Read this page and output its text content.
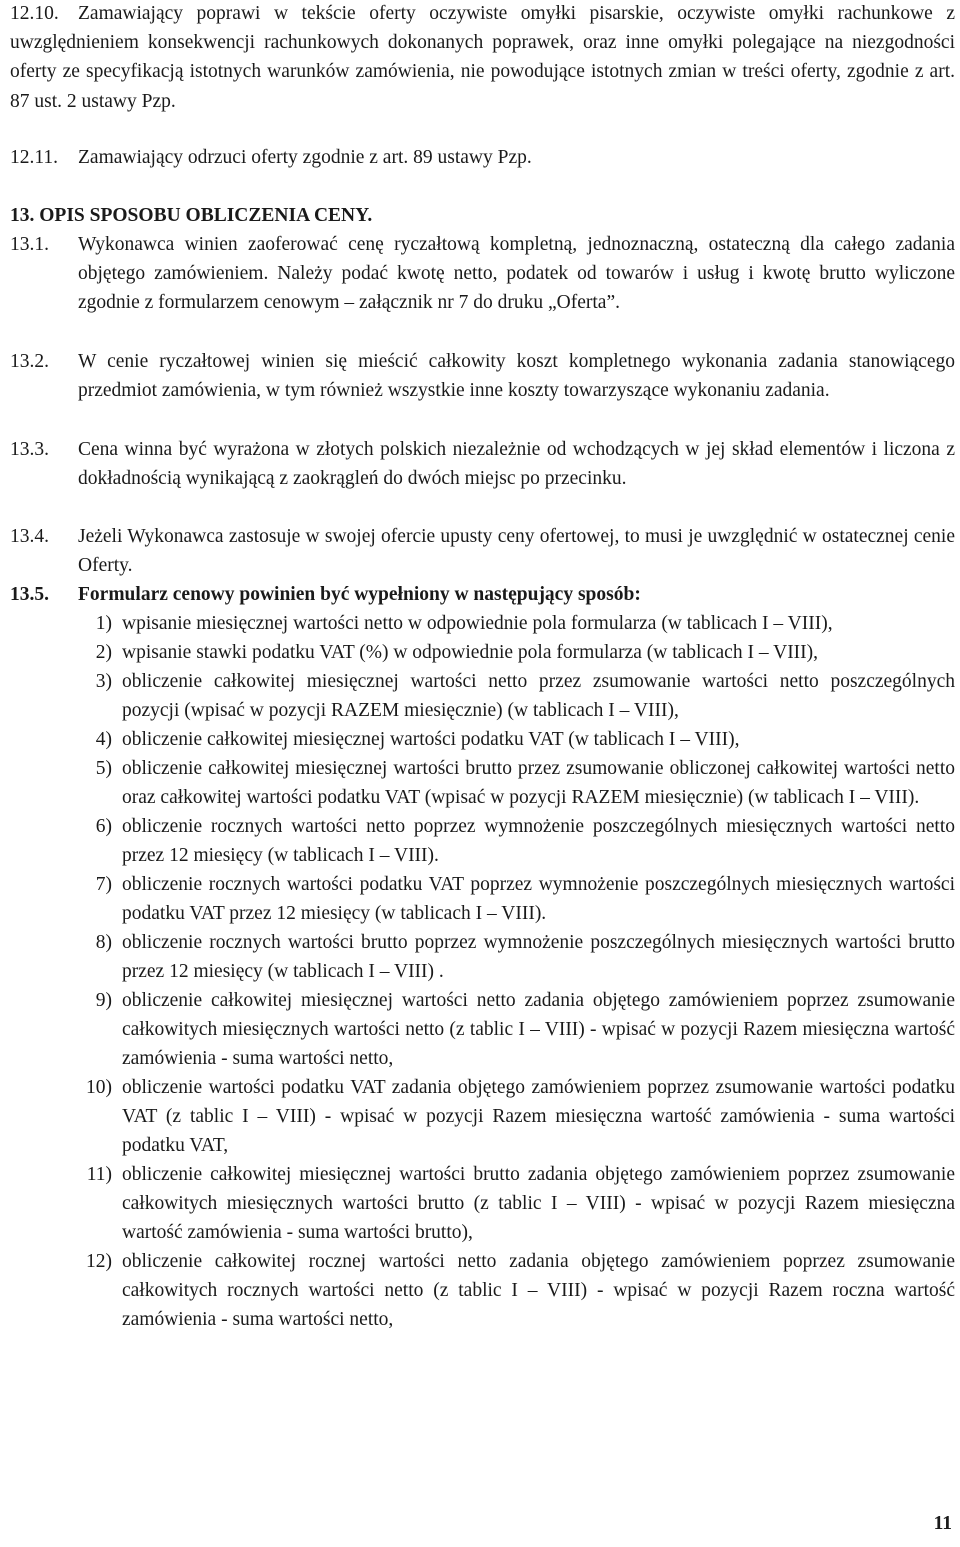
12.10. Zamawiający poprawi w tekście oferty oczywiste omyłki pisarskie, oczywiste omyłki rachunkowe z uwzględnieniem konsekwencji rachunkowych dokonanych poprawek, oraz inne omyłki polegające na niezgodności oferty ze specyfikacją istotnych warunków zamówienia, nie powodujące istotnych zmian w treści oferty, zgodnie z art. 87 ust. 2 ustawy Pzp.
12.11. Zamawiający odrzuci oferty zgodnie z art. 89 ustawy Pzp.
13. OPIS SPOSOBU OBLICZENIA CENY.
13.1. Wykonawca winien zaoferować cenę ryczałtową kompletną, jednoznaczną, ostateczną dla całego zadania objętego zamówieniem. Należy podać kwotę netto, podatek od towarów i usług i kwotę brutto wyliczone zgodnie z formularzem cenowym – załącznik nr 7 do druku „Oferta”.
13.2. W cenie ryczałtowej winien się mieścić całkowity koszt kompletnego wykonania zadania stanowiącego przedmiot zamówienia, w tym również wszystkie inne koszty towarzyszące wykonaniu zadania.
13.3. Cena winna być wyrażona w złotych polskich niezależnie od wchodzących w jej skład elementów i liczona z dokładnością wynikającą z zaokrągleń do dwóch miejsc po przecinku.
13.4. Jeżeli Wykonawca zastosuje w swojej ofercie upusty ceny ofertowej, to musi je uwzględnić w ostatecznej cenie Oferty.
13.5. Formularz cenowy powinien być wypełniony w następujący sposób:
1) wpisanie miesięcznej wartości netto w odpowiednie pola formularza (w tablicach I – VIII),
2) wpisanie stawki podatku VAT (%) w odpowiednie pola formularza (w tablicach I – VIII),
3) obliczenie całkowitej miesięcznej wartości netto przez zsumowanie wartości netto poszczególnych pozycji (wpisać w pozycji RAZEM miesięcznie) (w tablicach I – VIII),
4) obliczenie całkowitej miesięcznej wartości podatku VAT (w tablicach I – VIII),
5) obliczenie całkowitej miesięcznej wartości brutto przez zsumowanie obliczonej całkowitej wartości netto oraz całkowitej wartości podatku VAT (wpisać w pozycji RAZEM miesięcznie) (w tablicach I – VIII).
6) obliczenie rocznych wartości netto poprzez wymnożenie poszczególnych miesięcznych wartości netto przez 12 miesięcy (w tablicach I – VIII).
7) obliczenie rocznych wartości podatku VAT poprzez wymnożenie poszczególnych miesięcznych wartości podatku VAT przez 12 miesięcy (w tablicach I – VIII).
8) obliczenie rocznych wartości brutto poprzez wymnożenie poszczególnych miesięcznych wartości brutto przez 12 miesięcy (w tablicach I – VIII) .
9) obliczenie całkowitej miesięcznej wartości netto zadania objętego zamówieniem poprzez zsumowanie całkowitych miesięcznych wartości netto (z tablic I – VIII) - wpisać w pozycji Razem miesięczna wartość zamówienia - suma wartości netto,
10) obliczenie wartości podatku VAT zadania objętego zamówieniem poprzez zsumowanie wartości podatku VAT (z tablic I – VIII) - wpisać w pozycji Razem miesięczna wartość zamówienia - suma wartości podatku VAT,
11) obliczenie całkowitej miesięcznej wartości brutto zadania objętego zamówieniem poprzez zsumowanie całkowitych miesięcznych wartości brutto (z tablic I – VIII) - wpisać w pozycji Razem miesięczna wartość zamówienia - suma wartości brutto),
12) obliczenie całkowitej rocznej wartości netto zadania objętego zamówieniem poprzez zsumowanie całkowitych rocznych wartości netto (z tablic I – VIII) - wpisać w pozycji Razem roczna wartość zamówienia - suma wartości netto,
11
